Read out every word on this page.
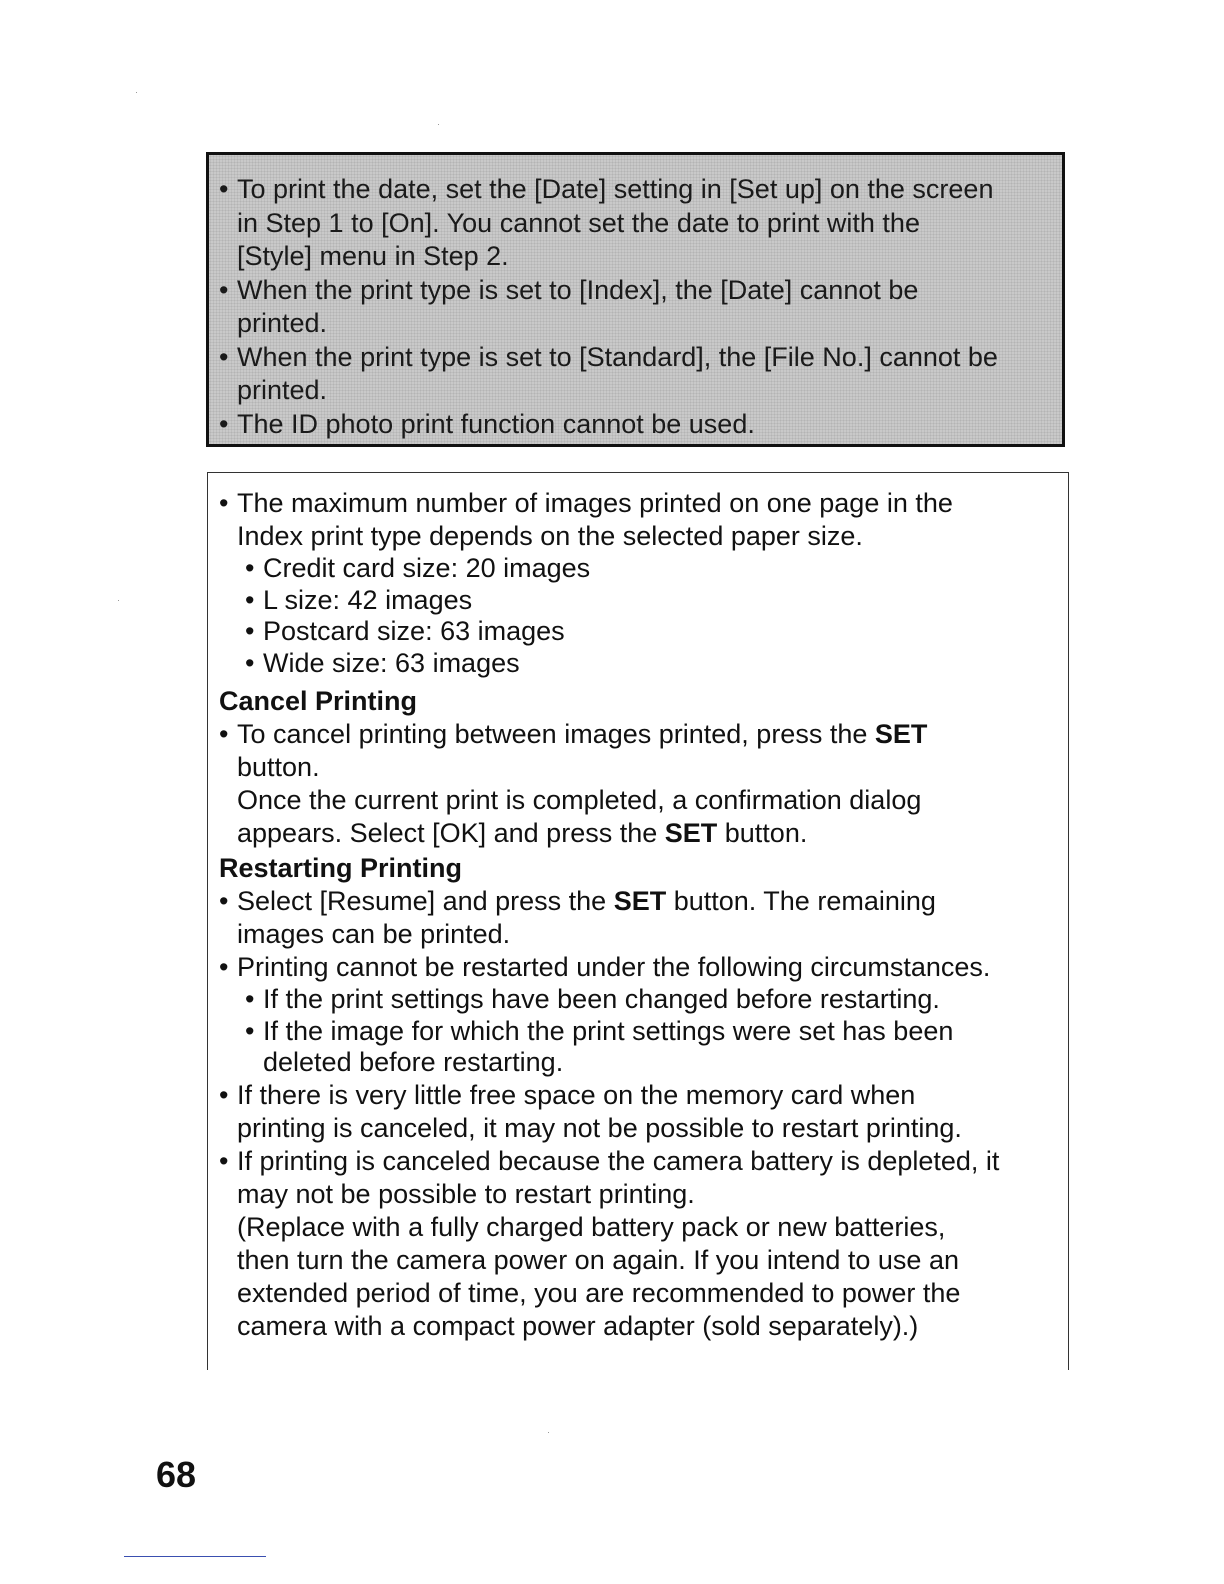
• To print the date, set the [Date] setting in [Set up] on the screen
in Step 1 to [On]. You cannot set the date to print with the
[Style] menu in Step 2.
• When the print type is set to [Index], the [Date] cannot be
printed.
• When the print type is set to [Standard], the [File No.] cannot be
printed.
• The ID photo print function cannot be used.
• The maximum number of images printed on one page in the
Index print type depends on the selected paper size.
• Credit card size: 20 images
• L size: 42 images
• Postcard size: 63 images
• Wide size: 63 images
Cancel Printing
• To cancel printing between images printed, press the SET
button.
Once the current print is completed, a confirmation dialog
appears. Select [OK] and press the SET button.
Restarting Printing
• Select [Resume] and press the SET button. The remaining
images can be printed.
• Printing cannot be restarted under the following circumstances.
• If the print settings have been changed before restarting.
• If the image for which the print settings were set has been
deleted before restarting.
• If there is very little free space on the memory card when
printing is canceled, it may not be possible to restart printing.
• If printing is canceled because the camera battery is depleted, it
may not be possible to restart printing.
(Replace with a fully charged battery pack or new batteries,
then turn the camera power on again. If you intend to use an
extended period of time, you are recommended to power the
camera with a compact power adapter (sold separately).)
68
